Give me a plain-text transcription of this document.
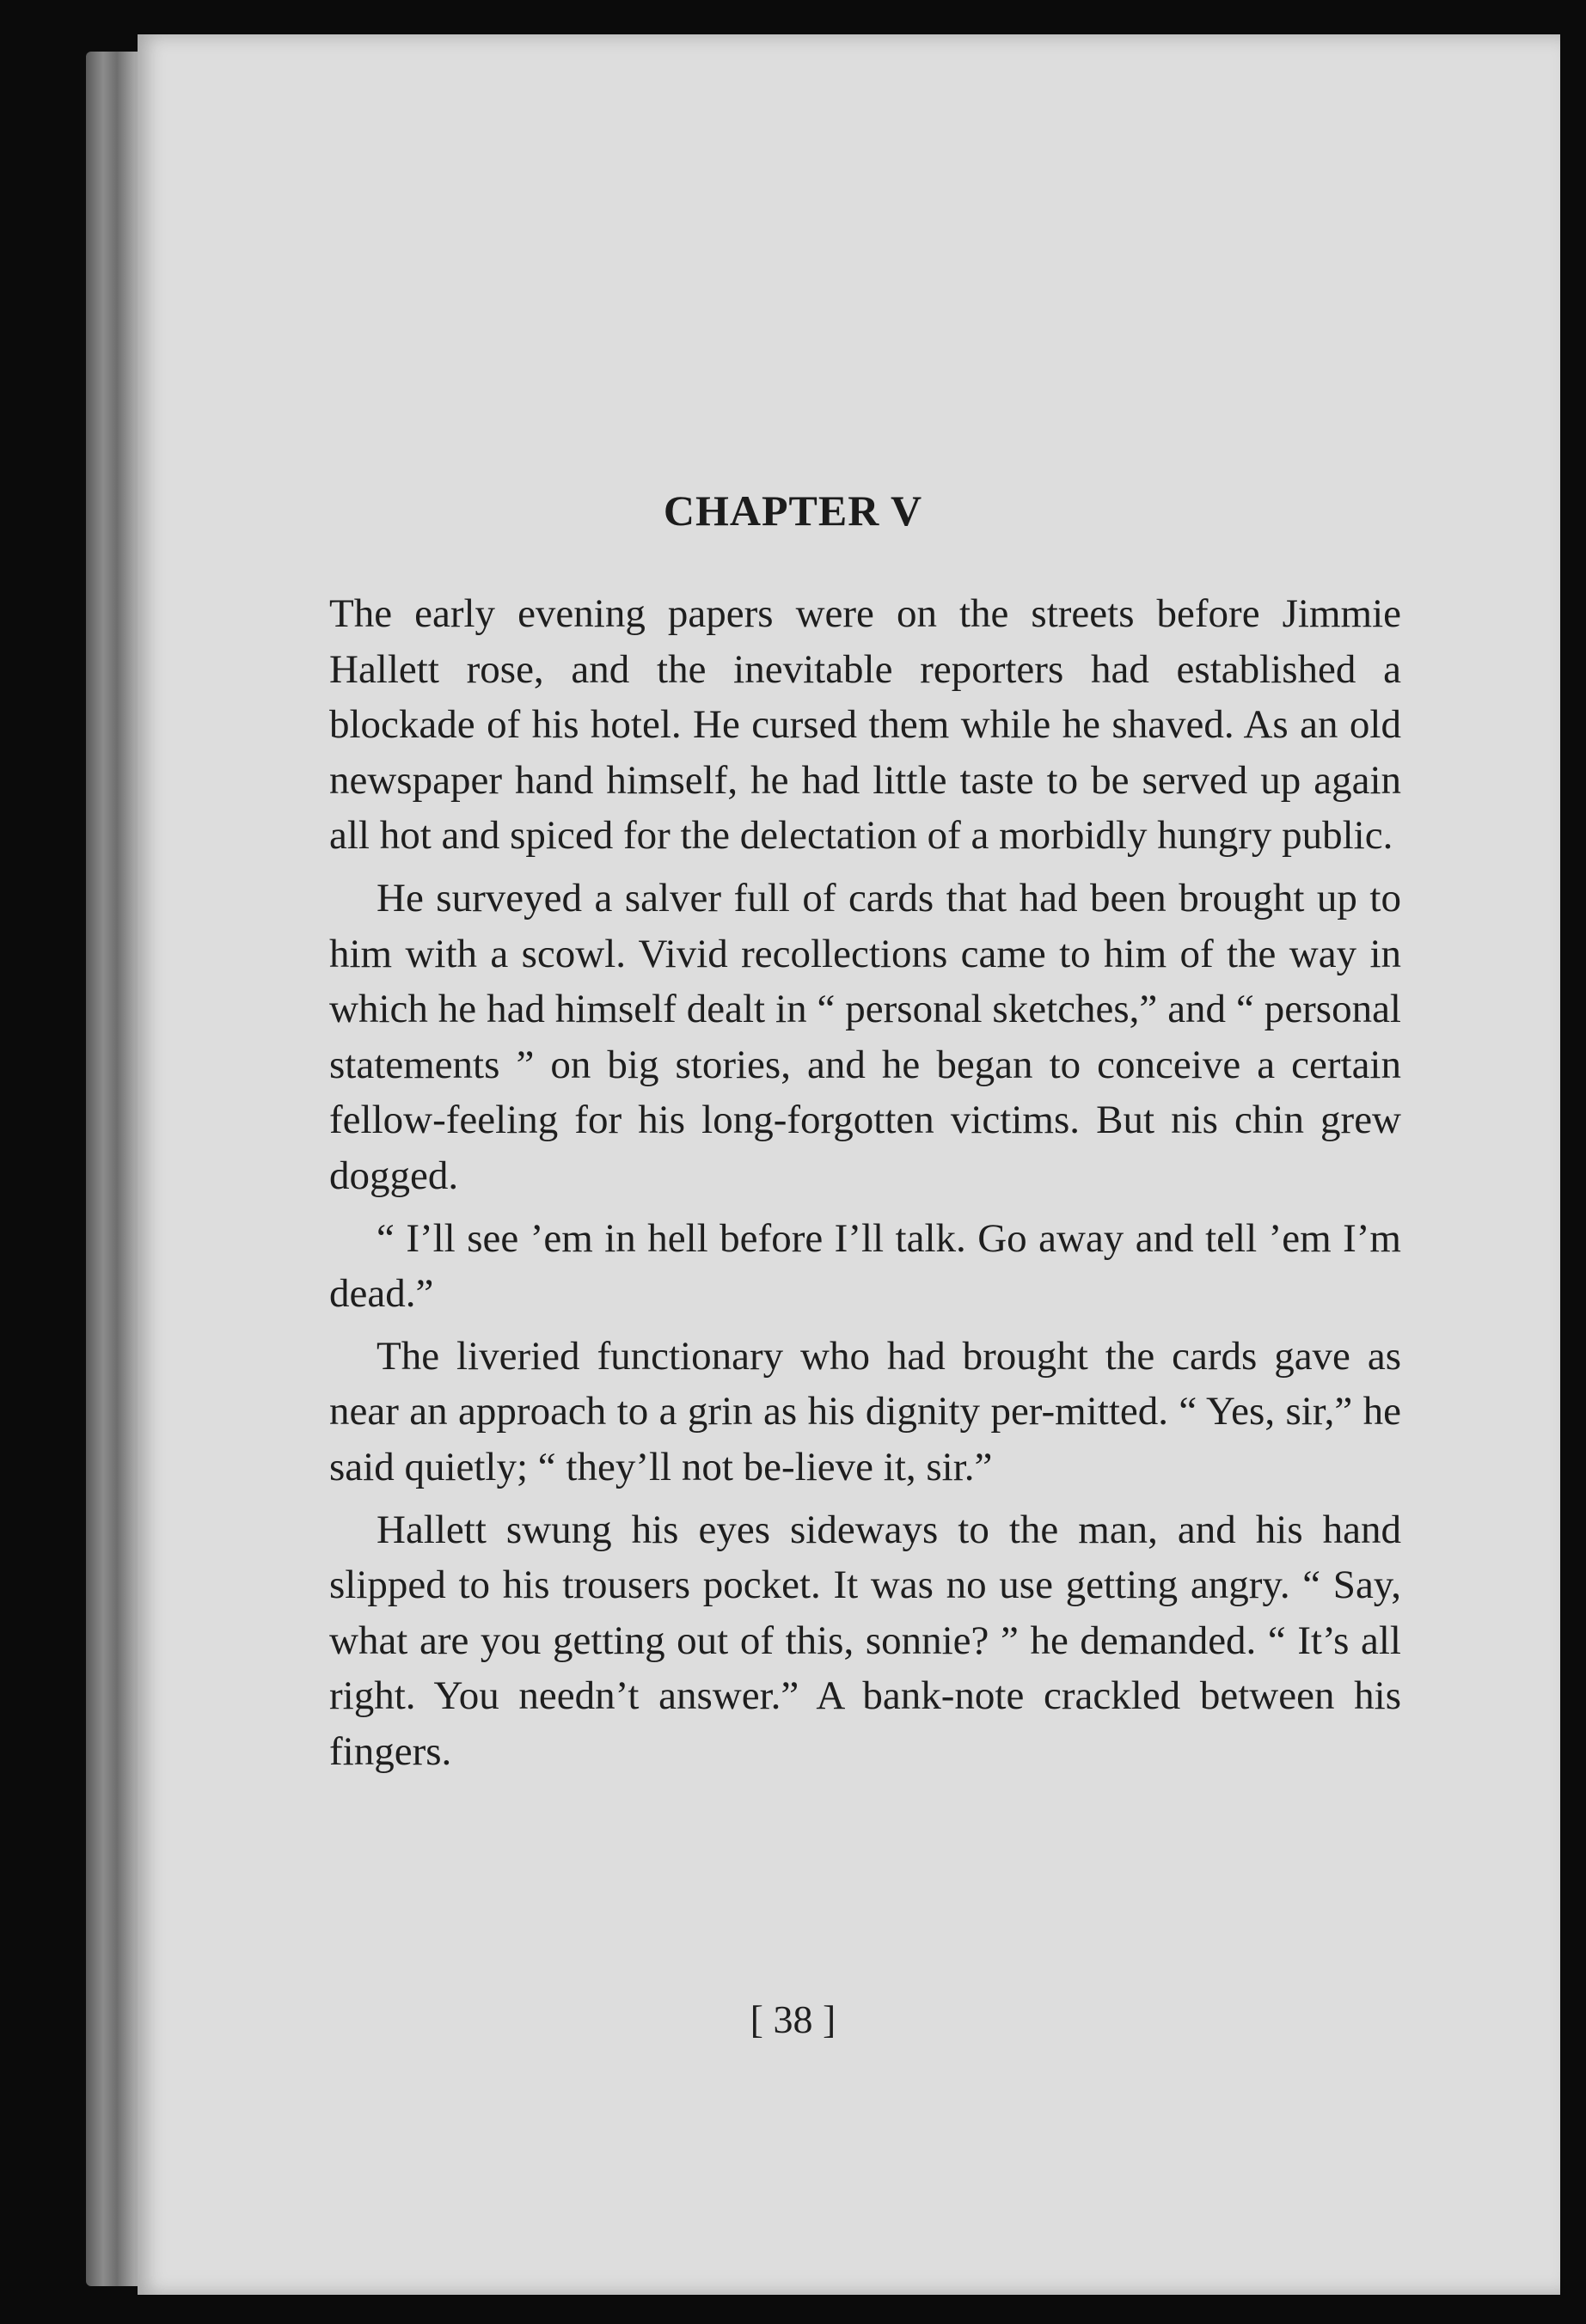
CHAPTER V

The early evening papers were on the streets before Jimmie Hallett rose, and the inevitable reporters had established a blockade of his hotel. He cursed them while he shaved. As an old newspaper hand himself, he had little taste to be served up again all hot and spiced for the delectation of a morbidly hungry public.

He surveyed a salver full of cards that had been brought up to him with a scowl. Vivid recollections came to him of the way in which he had himself dealt in “ personal sketches,” and “ personal statements ” on big stories, and he began to conceive a certain fellow-feeling for his long-forgotten victims. But nis chin grew dogged.

“ I’ll see ’em in hell before I’ll talk. Go away and tell ’em I’m dead.”

The liveried functionary who had brought the cards gave as near an approach to a grin as his dignity per-mitted. “ Yes, sir,” he said quietly; “ they’ll not be-lieve it, sir.”

Hallett swung his eyes sideways to the man, and his hand slipped to his trousers pocket. It was no use getting angry. “ Say, what are you getting out of this, sonnie? ” he demanded. “ It’s all right. You needn’t answer.” A bank-note crackled between his fingers.

[ 38 ]
